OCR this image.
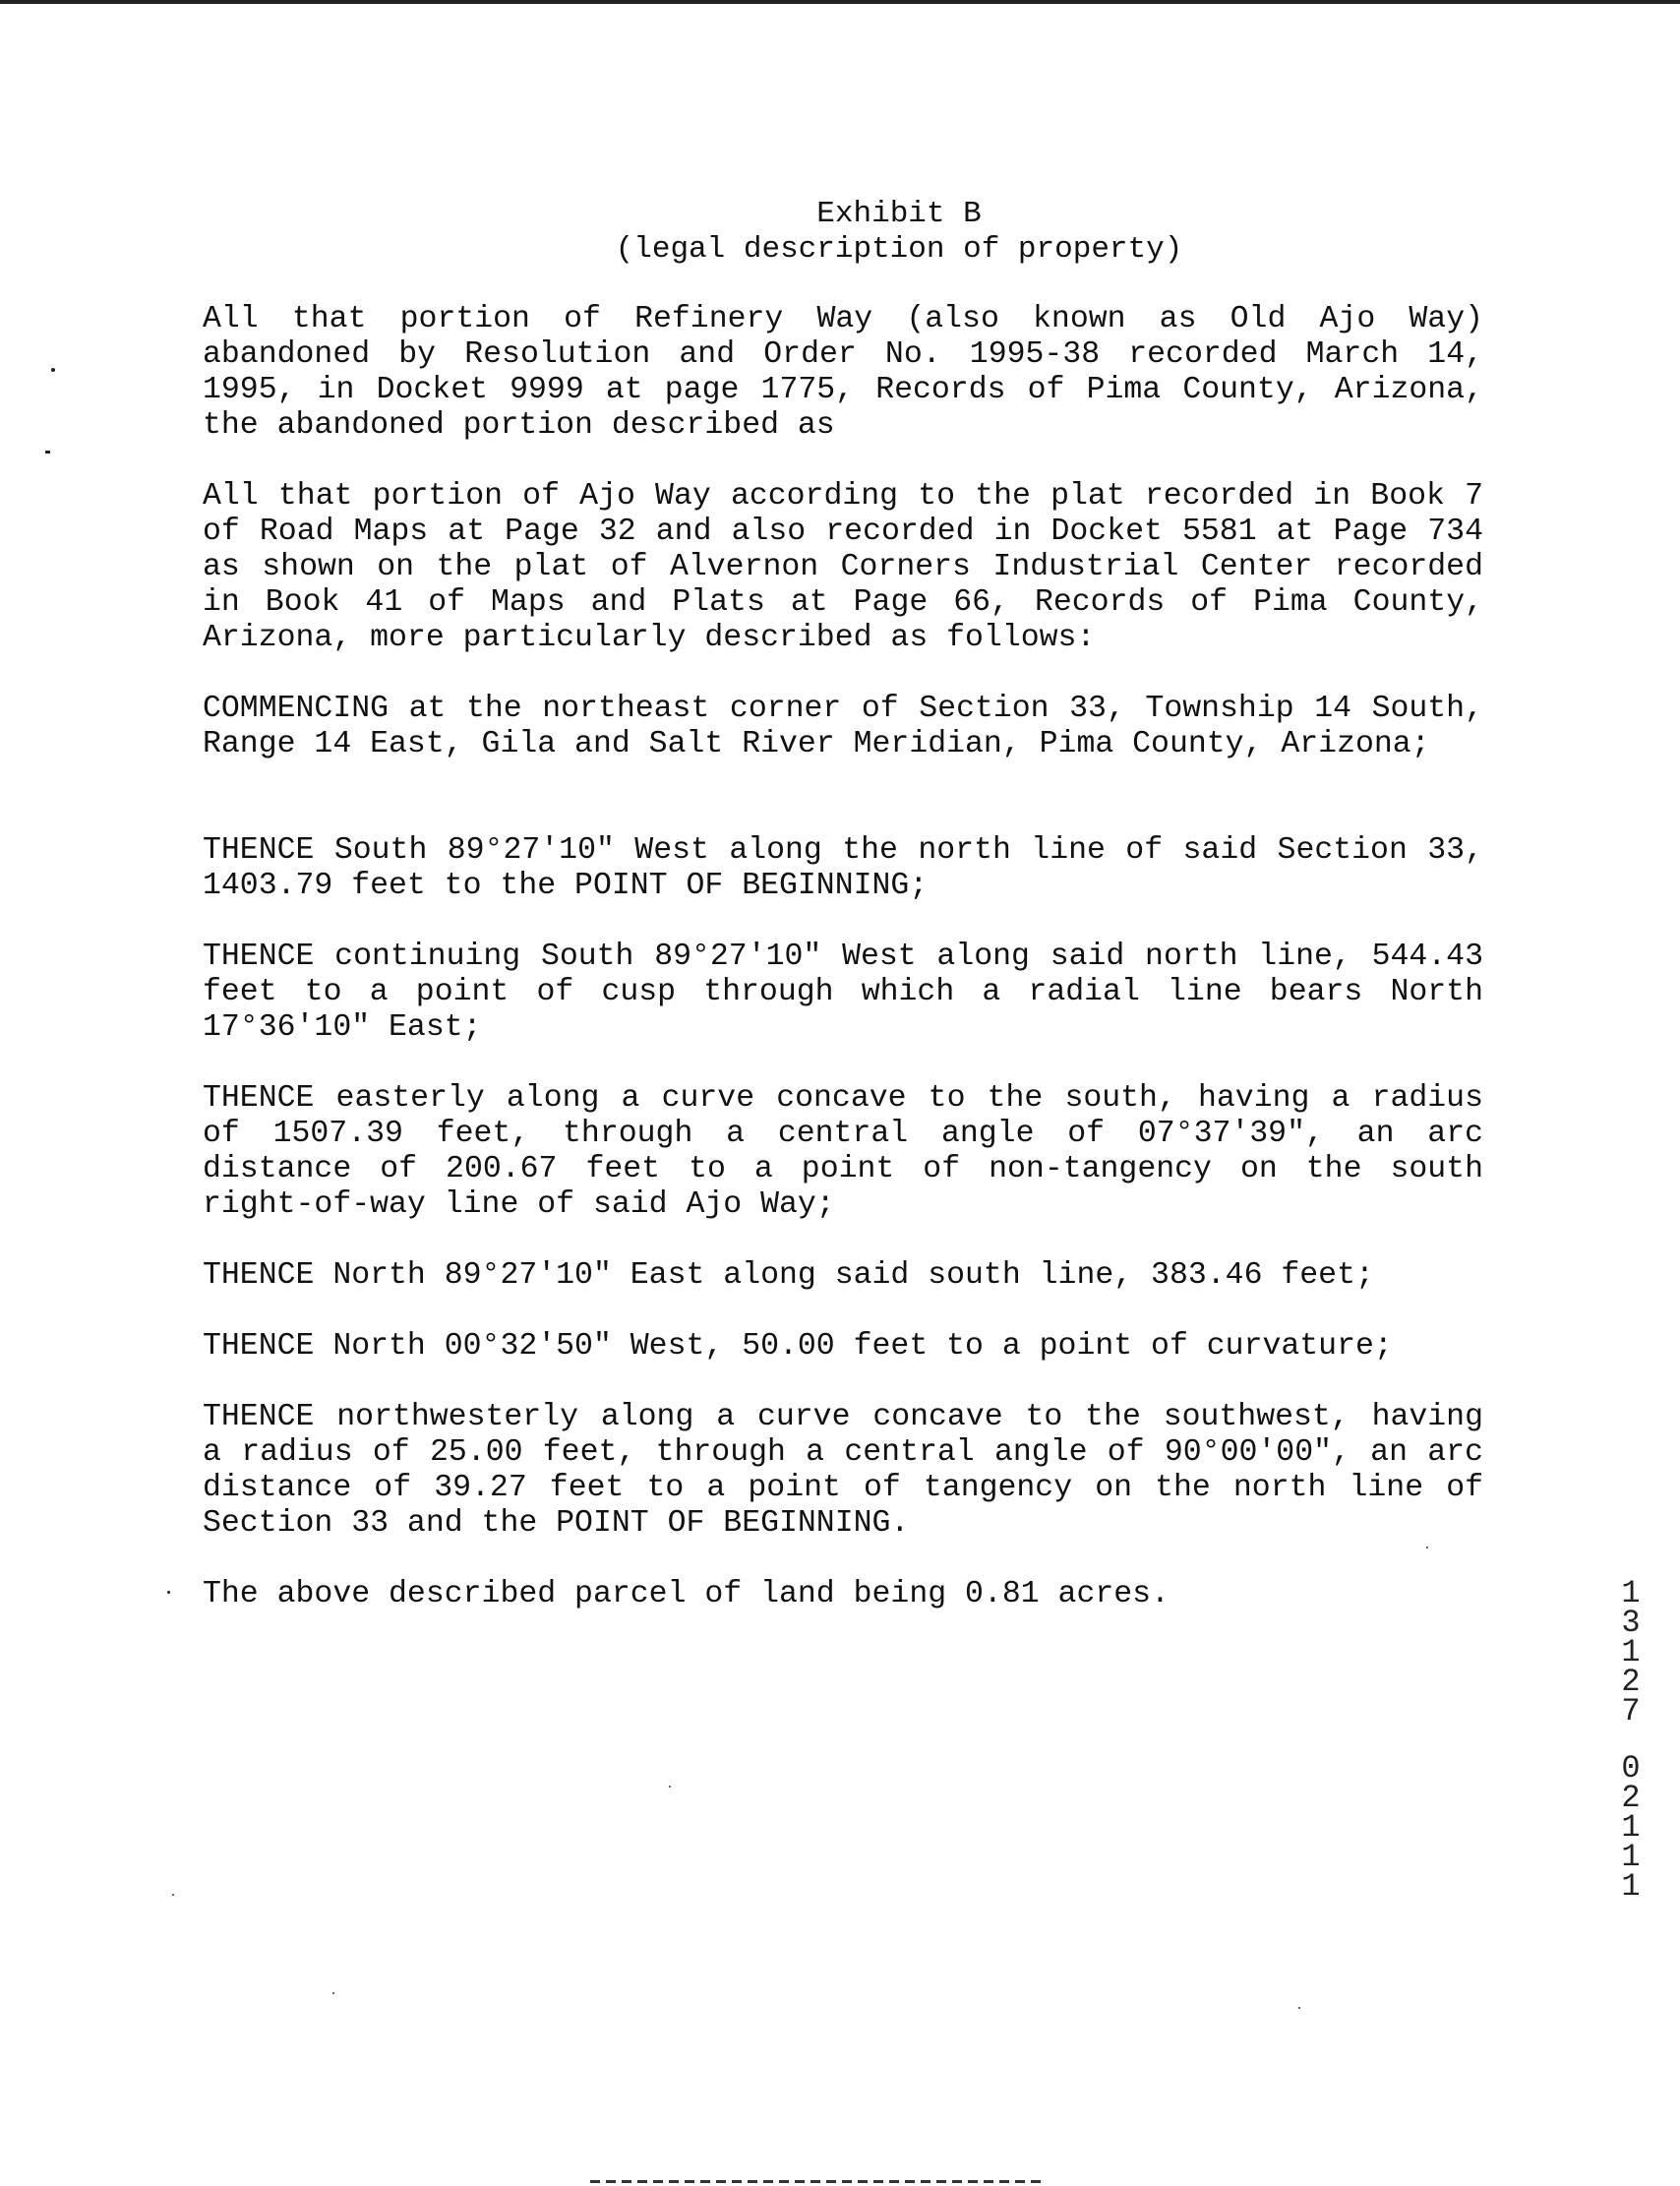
Exhibit B
(legal description of property)
All that portion of Refinery Way (also known as Old Ajo Way) abandoned by Resolution and Order No. 1995-38 recorded March 14, 1995, in Docket 9999 at page 1775, Records of Pima County, Arizona, the abandoned portion described as
All that portion of Ajo Way according to the plat recorded in Book 7 of Road Maps at Page 32 and also recorded in Docket 5581 at Page 734 as shown on the plat of Alvernon Corners Industrial Center recorded in Book 41 of Maps and Plats at Page 66, Records of Pima County, Arizona, more particularly described as follows:
COMMENCING at the northeast corner of Section 33, Township 14 South, Range 14 East, Gila and Salt River Meridian, Pima County, Arizona;
THENCE South 89°27'10" West along the north line of said Section 33, 1403.79 feet to the POINT OF BEGINNING;
THENCE continuing South 89°27'10" West along said north line, 544.43 feet to a point of cusp through which a radial line bears North 17°36'10" East;
THENCE easterly along a curve concave to the south, having a radius of 1507.39 feet, through a central angle of 07°37'39", an arc distance of 200.67 feet to a point of non-tangency on the south right-of-way line of said Ajo Way;
THENCE North 89°27'10" East along said south line, 383.46 feet;
THENCE North 00°32'50" West, 50.00 feet to a point of curvature;
THENCE northwesterly along a curve concave to the southwest, having a radius of 25.00 feet, through a central angle of 90°00'00", an arc distance of 39.27 feet to a point of tangency on the north line of Section 33 and the POINT OF BEGINNING.
The above described parcel of land being 0.81 acres.	1
3
1
2
7
0
2
1
1
1
